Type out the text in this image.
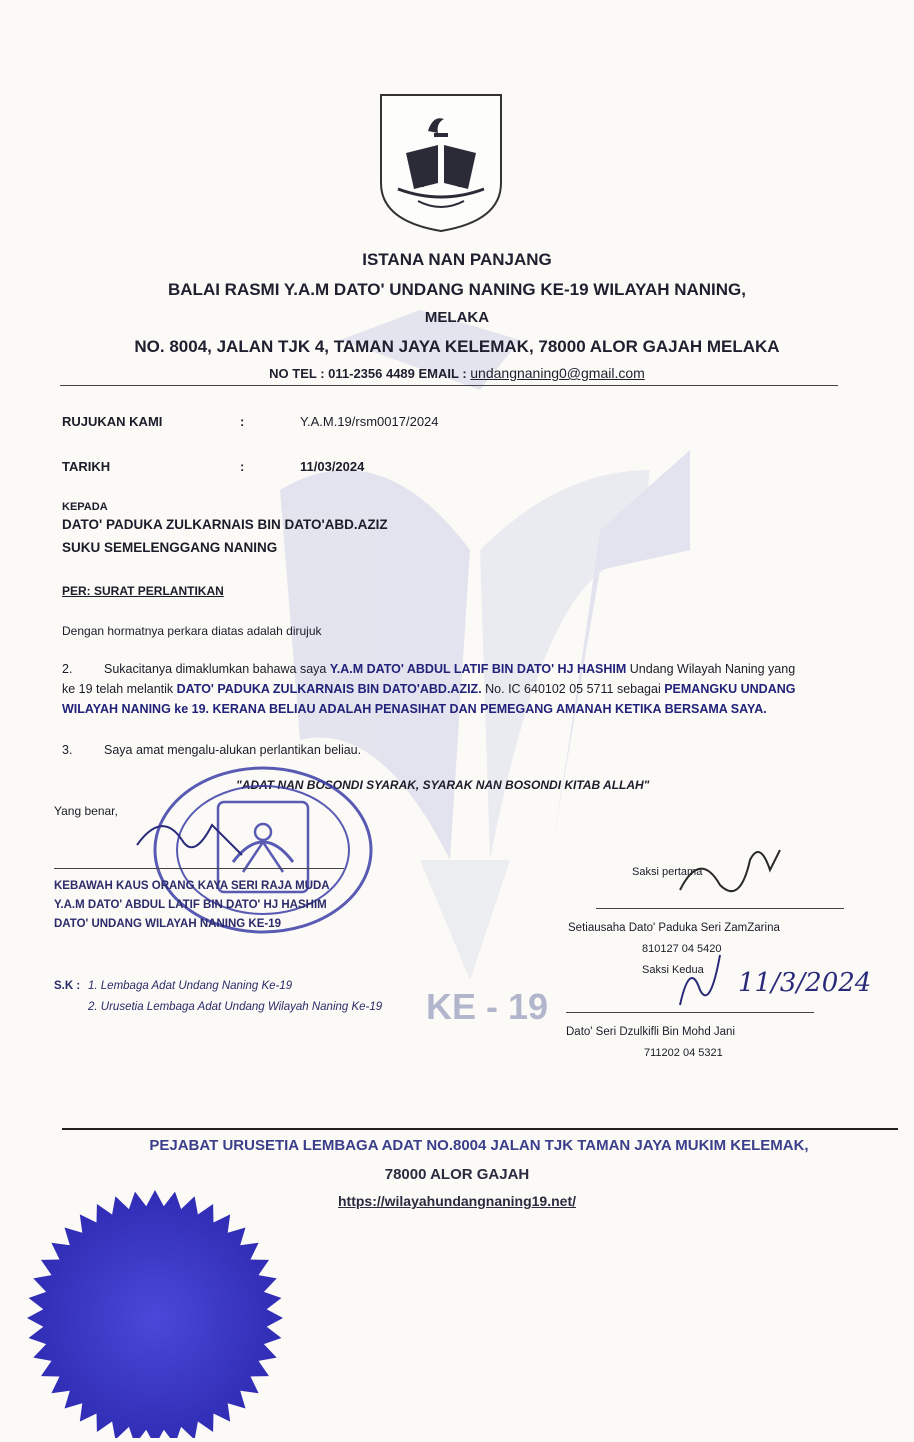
ISTANA NAN PANJANG
BALAI RASMI Y.A.M DATO' UNDANG NANING KE-19 WILAYAH NANING,
MELAKA
NO. 8004, JALAN TJK 4, TAMAN JAYA KELEMAK, 78000 ALOR GAJAH MELAKA
NO TEL : 011-2356 4489 EMAIL : undangnaning0@gmail.com
RUJUKAN KAMI	:	Y.A.M.19/rsm0017/2024
TARIKH	:	11/03/2024
KEPADA
DATO' PADUKA ZULKARNAIS BIN DATO'ABD.AZIZ
SUKU SEMELENGGANG NANING
PER: SURAT PERLANTIKAN
Dengan hormatnya perkara diatas adalah dirujuk
2.	Sukacitanya dimaklumkan bahawa saya Y.A.M DATO' ABDUL LATIF BIN DATO' HJ HASHIM Undang Wilayah Naning yang
ke 19 telah melantik DATO' PADUKA ZULKARNAIS BIN DATO'ABD.AZIZ. No. IC 640102 05 5711 sebagai PEMANGKU UNDANG
WILAYAH NANING ke 19. KERANA BELIAU ADALAH PENASIHAT DAN PEMEGANG AMANAH KETIKA BERSAMA SAYA.
3.	Saya amat mengalu-alukan perlantikan beliau.
"ADAT NAN BOSONDI SYARAK, SYARAK NAN BOSONDI KITAB ALLAH"
Yang benar,
KEBAWAH KAUS ORANG KAYA SERI RAJA MUDA
Y.A.M DATO' ABDUL LATIF BIN DATO' HJ HASHIM
DATO' UNDANG WILAYAH NANING KE-19
Saksi pertama
Setiausaha Dato' Paduka Seri ZamZarina
810127 04 5420
Saksi Kedua 11/3/2024
Dato' Seri Dzulkifli Bin Mohd Jani
711202 04 5321
S.K : 1. Lembaga Adat Undang Naning Ke-19
2. Urusetia Lembaga Adat Undang Wilayah Naning Ke-19 KE - 19
PEJABAT URUSETIA LEMBAGA ADAT NO.8004 JALAN TJK TAMAN JAYA MUKIM KELEMAK,
78000 ALOR GAJAH
https://wilayahundangnaning19.net/
